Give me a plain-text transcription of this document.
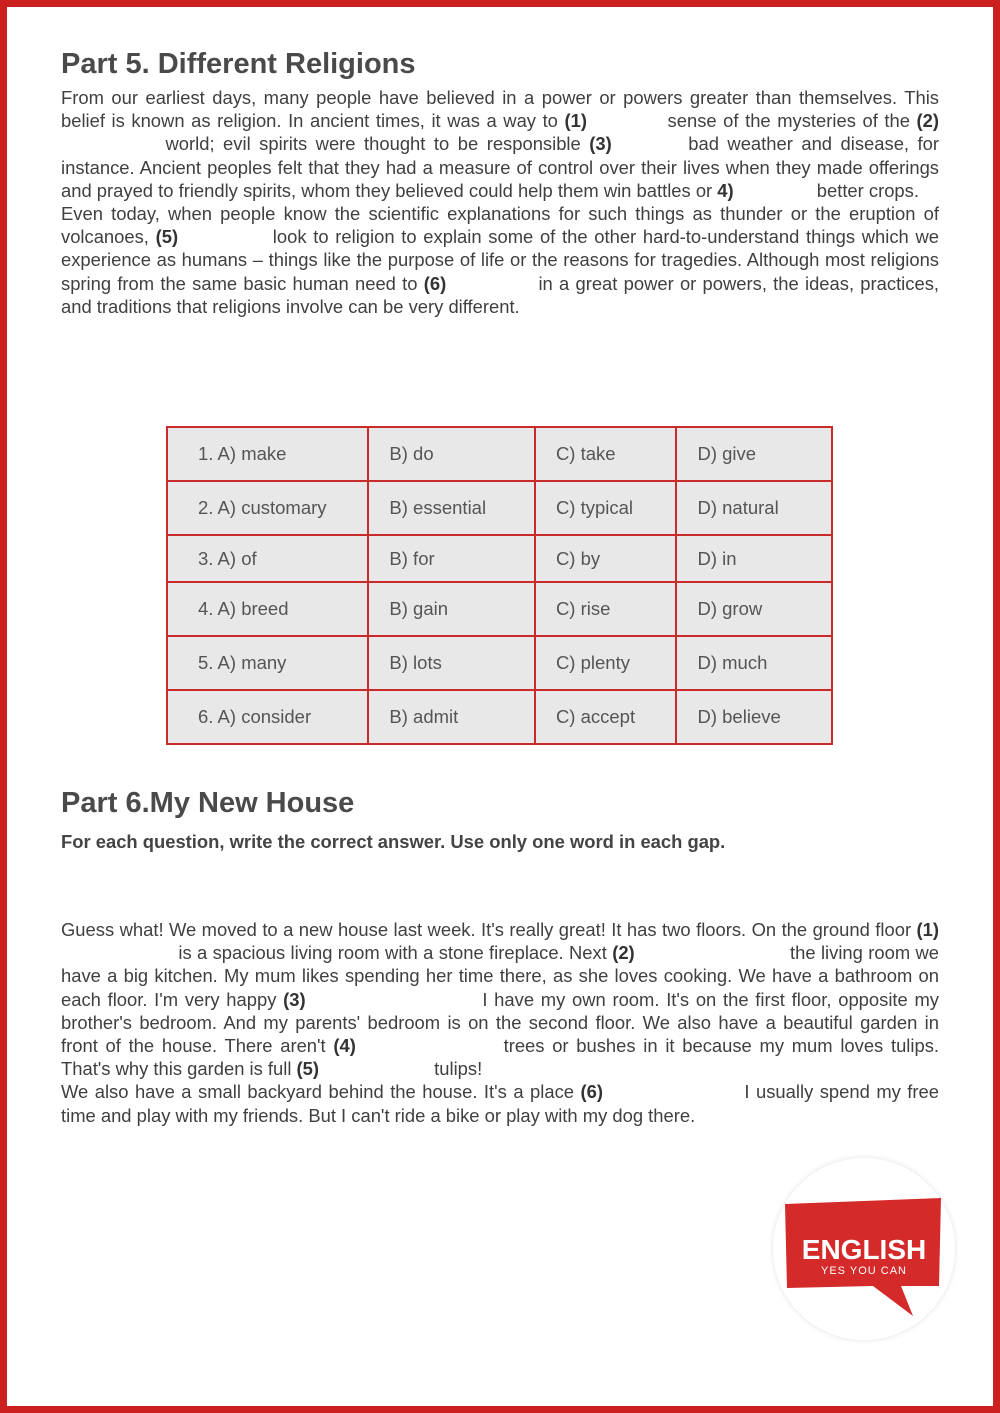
Part 5. Different Religions

From our earliest days, many people have believed in a power or powers greater than themselves. This belief is known as religion. In ancient times, it was a way to (1)	sense of the mysteries of the (2) world; evil spirits were thought to be responsible (3)	bad weather and disease, for instance. Ancient peoples felt that they had a measure of control over their lives when they made offerings and prayed to friendly spirits, whom they believed could help them win battles or 4)	better crops.

Even today, when people know the scientific explanations for such things as thunder or the eruption of volcanoes, (5)	look to religion to explain some of the other hard-to-understand things which we experience as humans – things like the purpose of life or the reasons for tragedies. Although most religions spring from the same basic human need to (6)	in a great power or powers, the ideas, practices, and traditions that religions involve can be very different.

1. A) make	B) do	C) take	D) give
2. A) customary	B) essential	C) typical	D) natural
3. A) of	B) for	C) by	D) in
4. A) breed	B) gain	C) rise	D) grow
5. A) many	B) lots	C) plenty	D) much
6. A) consider	B) admit	C) accept	D) believe
Part 6.My New House
For each question, write the correct answer. Use only one word in each gap.

Guess what! We moved to a new house last week. It's really great! It has two floors. On the ground floor (1) is a spacious living room with a stone fireplace. Next (2)	the living room we have a big kitchen. My mum likes spending her time there, as she loves cooking. We have a bathroom on each floor. I'm very happy (3)	I have my own room. It's on the first floor, opposite my brother's bedroom. And my parents' bedroom is on the second floor. We also have a beautiful garden in front of the house. There aren't (4)	trees or bushes in it because my mum loves tulips. That's why this garden is full (5)	tulips!

We also have a small backyard behind the house. It's a place (6)	I usually spend my free time and play with my friends. But I can't ride a bike or play with my dog there.

ENGLISH
YES YOU CAN
